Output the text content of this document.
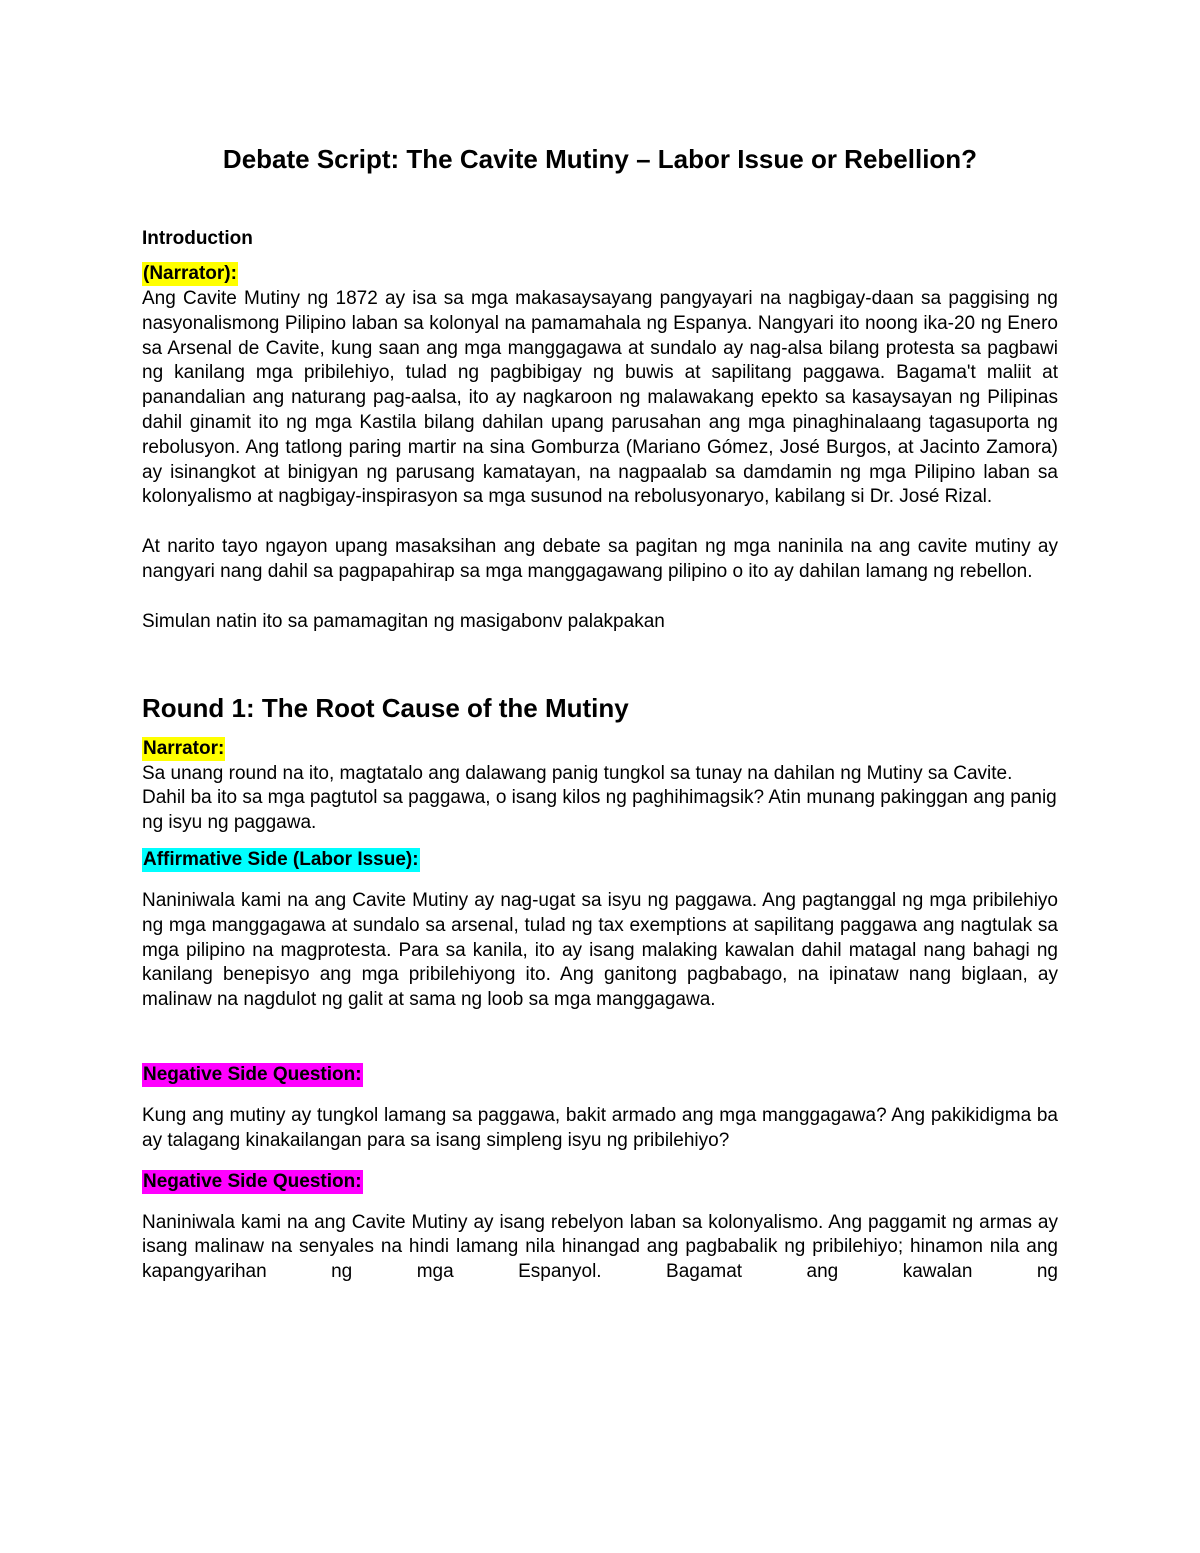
Debate Script: The Cavite Mutiny – Labor Issue or Rebellion?
Introduction
(Narrator):

Ang Cavite Mutiny ng 1872 ay isa sa mga makasaysayang pangyayari na nagbigay-daan sa paggising ng nasyonalismong Pilipino laban sa kolonyal na pamamahala ng Espanya. Nangyari ito noong ika-20 ng Enero sa Arsenal de Cavite, kung saan ang mga manggagawa at sundalo ay nag-alsa bilang protesta sa pagbawi ng kanilang mga pribilehiyo, tulad ng pagbibigay ng buwis at sapilitang paggawa. Bagama't maliit at panandalian ang naturang pag-aalsa, ito ay nagkaroon ng malawakang epekto sa kasaysayan ng Pilipinas dahil ginamit ito ng mga Kastila bilang dahilan upang parusahan ang mga pinaghinalaang tagasuporta ng rebolusyon. Ang tatlong paring martir na sina Gomburza (Mariano Gómez, José Burgos, at Jacinto Zamora) ay isinangkot at binigyan ng parusang kamatayan, na nagpaalab sa damdamin ng mga Pilipino laban sa kolonyalismo at nagbigay-inspirasyon sa mga susunod na rebolusyonaryo, kabilang si Dr. José Rizal.

At narito tayo ngayon upang masaksihan ang debate sa pagitan ng mga naninila na ang cavite mutiny ay nangyari nang dahil sa pagpapahirap sa mga manggagawang pilipino o ito ay dahilan lamang ng rebellon.

Simulan natin ito sa pamamagitan ng masigabonv palakpakan

Round 1: The Root Cause of the Mutiny
Narrator:

Sa unang round na ito, magtatalo ang dalawang panig tungkol sa tunay na dahilan ng Mutiny sa Cavite. Dahil ba ito sa mga pagtutol sa paggawa, o isang kilos ng paghihimagsik? Atin munang pakinggan ang panig ng isyu ng paggawa.

Affirmative Side (Labor Issue):

Naniniwala kami na ang Cavite Mutiny ay nag-ugat sa isyu ng paggawa. Ang pagtanggal ng mga pribilehiyo ng mga manggagawa at sundalo sa arsenal, tulad ng tax exemptions at sapilitang paggawa ang nagtulak sa mga pilipino na magprotesta. Para sa kanila, ito ay isang malaking kawalan dahil matagal nang bahagi ng kanilang benepisyo ang mga pribilehiyong ito. Ang ganitong pagbabago, na ipinataw nang biglaan, ay malinaw na nagdulot ng galit at sama ng loob sa mga manggagawa.

Negative Side Question:

Kung ang mutiny ay tungkol lamang sa paggawa, bakit armado ang mga manggagawa? Ang pakikidigma ba ay talagang kinakailangan para sa isang simpleng isyu ng pribilehiyo?

Negative Side Question:

Naniniwala kami na ang Cavite Mutiny ay isang rebelyon laban sa kolonyalismo. Ang paggamit ng armas ay isang malinaw na senyales na hindi lamang nila hinangad ang pagbabalik ng pribilehiyo; hinamon nila ang kapangyarihan ng mga Espanyol. Bagamat ang kawalan ng
